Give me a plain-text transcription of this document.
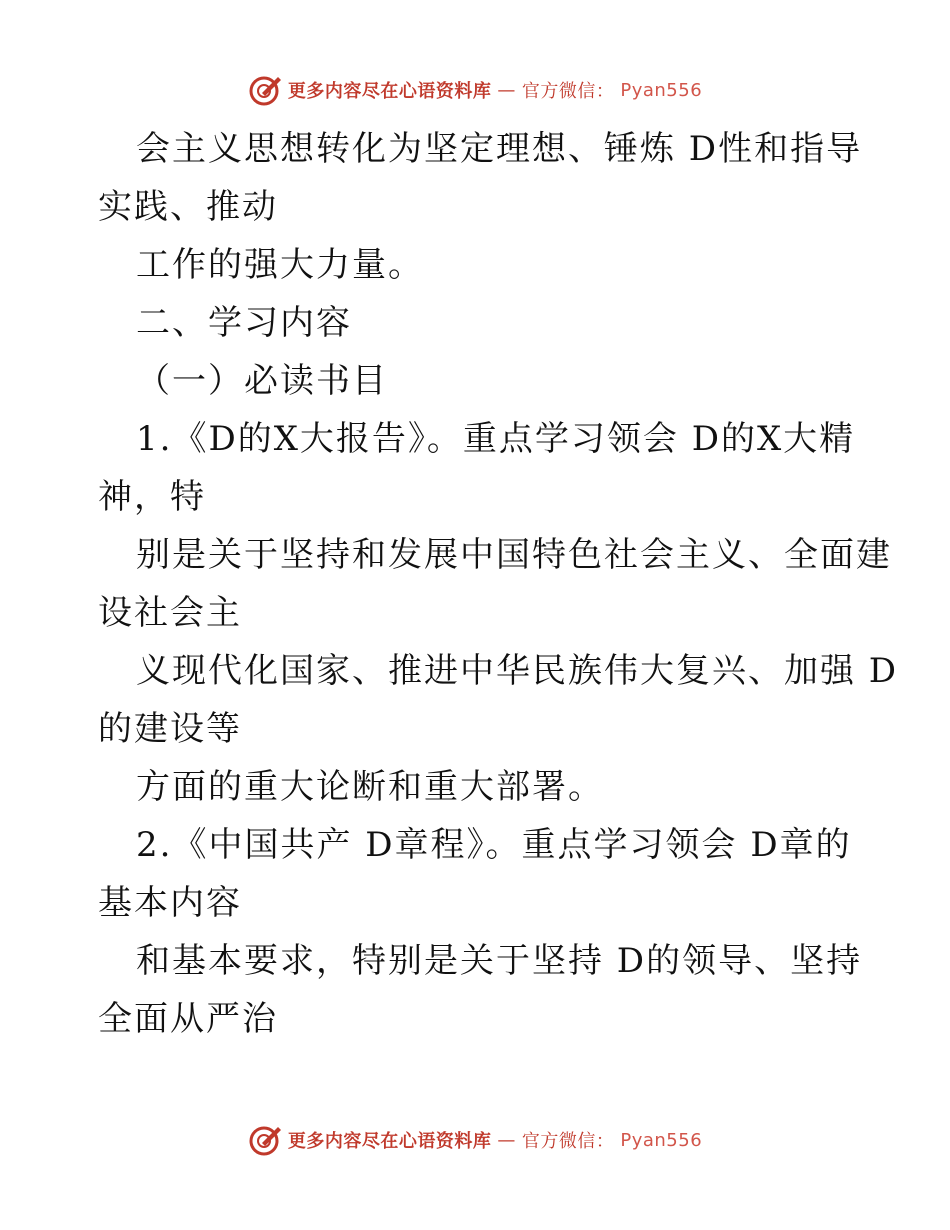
更多内容尽在心语资料库 — 官方微信： Pyan556
会主义思想转化为坚定理想、锤炼 D性和指导
实践、推动
工作的强大力量。
二、学习内容
（一）必读书目
1.《D的X大报告》。重点学习领会 D的X大精
神，特
别是关于坚持和发展中国特色社会主义、全面建
设社会主
义现代化国家、推进中华民族伟大复兴、加强 D
的建设等
方面的重大论断和重大部署。
2.《中国共产 D章程》。重点学习领会 D章的
基本内容
和基本要求，特别是关于坚持 D的领导、坚持
全面从严治
更多内容尽在心语资料库 — 官方微信： Pyan556
